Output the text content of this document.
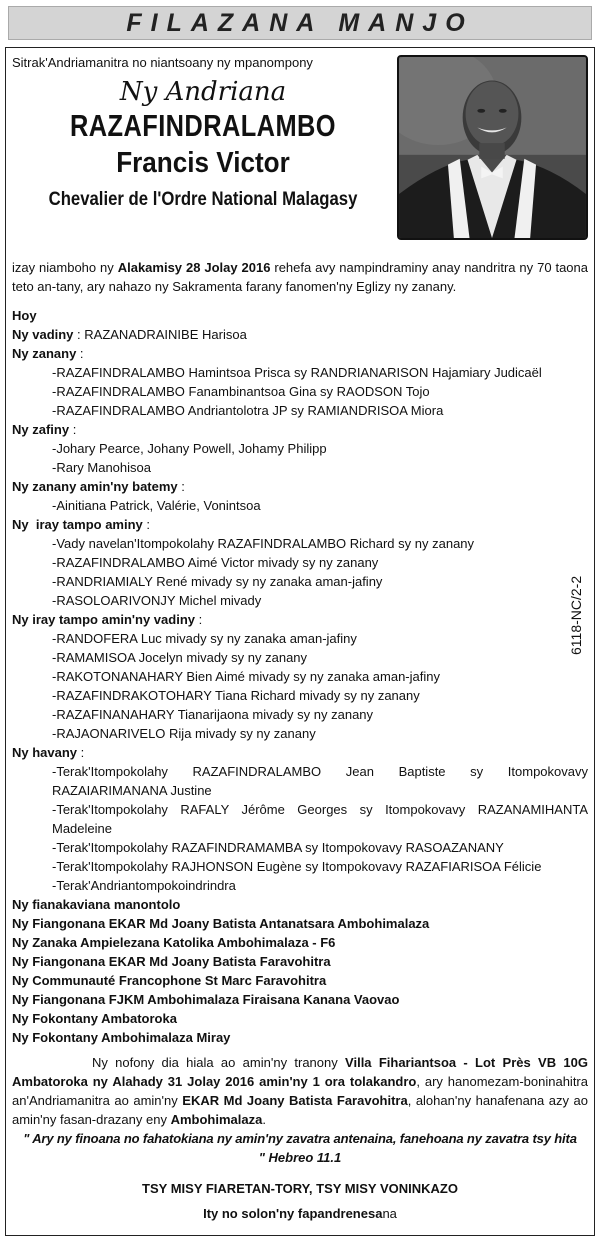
FILAZANA MANJO
Sitrak'Andriamanitra no niantsoany ny mpanompony
Ny Andriana
RAZAFINDRALAMBO
Francis Victor
Chevalier de l'Ordre National Malagasy

izay niamboho ny Alakamisy 28 Jolay 2016 rehefa avy nampindraminy anay nandritra ny 70 taona teto an-tany, ary nahazo ny Sakramenta farany fanomen'ny Eglizy ny zanany.

Hoy
Ny vadiny : RAZANADRAINIBE Harisoa
Ny zanany :
-RAZAFINDRALAMBO Hamintsoa Prisca sy RANDRIANARISON Hajamiary Judicaël
-RAZAFINDRALAMBO Fanambinantsoa Gina sy RAODSON Tojo
-RAZAFINDRALAMBO Andriantolotra JP sy RAMIANDRISOA Miora
Ny zafiny :
-Johary Pearce, Johany Powell, Johamy Philipp
-Rary Manohisoa
Ny zanany amin'ny batemy :
-Ainitiana Patrick, Valérie, Vonintsoa
Ny  iray tampo aminy :
-Vady navelan'Itompokolahy RAZAFINDRALAMBO Richard sy ny zanany
-RAZAFINDRALAMBO Aimé Victor mivady sy ny zanany
-RANDRIAMIALY René mivady sy ny zanaka aman-jafiny
-RASOLOARIVONJY Michel mivady
Ny iray tampo amin'ny vadiny :
-RANDOFERA Luc mivady sy ny zanaka aman-jafiny
-RAMAMISOA Jocelyn mivady sy ny zanany
-RAKOTONANAHARY Bien Aimé mivady sy ny zanaka aman-jafiny
-RAZAFINDRAKOTOHARY Tiana Richard mivady sy ny zanany
-RAZAFINANAHARY Tianarijaona mivady sy ny zanany
-RAJAONARIVELO Rija mivady sy ny zanany
Ny havany :
-Terak'Itompokolahy RAZAFINDRALAMBO Jean Baptiste sy Itompokovavy RAZAIARIMANANA Justine
-Terak'Itompokolahy RAFALY Jérôme Georges sy Itompokovavy RAZANAMIHANTA Madeleine
-Terak'Itompokolahy RAZAFINDRAMAMBA sy Itompokovavy RASOAZANANY
-Terak'Itompokolahy RAJHONSON Eugène sy Itompokovavy RAZAFIARISOA Félicie
-Terak'Andriantompokoindrindra
Ny fianakaviana manontolo
Ny Fiangonana EKAR Md Joany Batista Antanatsara Ambohimalaza
Ny Zanaka Ampielezana Katolika Ambohimalaza - F6
Ny Fiangonana EKAR Md Joany Batista Faravohitra
Ny Communauté Francophone St Marc Faravohitra
Ny Fiangonana FJKM Ambohimalaza Firaisana Kanana Vaovao
Ny Fokontany Ambatoroka
Ny Fokontany Ambohimalaza Miray

Ny nofony dia hiala ao amin'ny tranony Villa Fihariantsoa - Lot Près VB 10G Ambatoroka ny Alahady 31 Jolay 2016 amin'ny 1 ora tolakandro, ary hanomezam-boninahitra an'Andriamanitra ao amin'ny EKAR Md Joany Batista Faravohitra, alohan'ny hanafenana azy ao amin'ny fasan-drazany eny Ambohimalaza.

" Ary ny finoana no fahatokiana ny amin'ny zavatra antenaina, fanehoana ny zavatra tsy hita
" Hebreo 11.1
TSY MISY FIARETAN-TORY, TSY MISY VONINKAZO
Ity no solon'ny fapandrenesana
6118-NC/2-2
